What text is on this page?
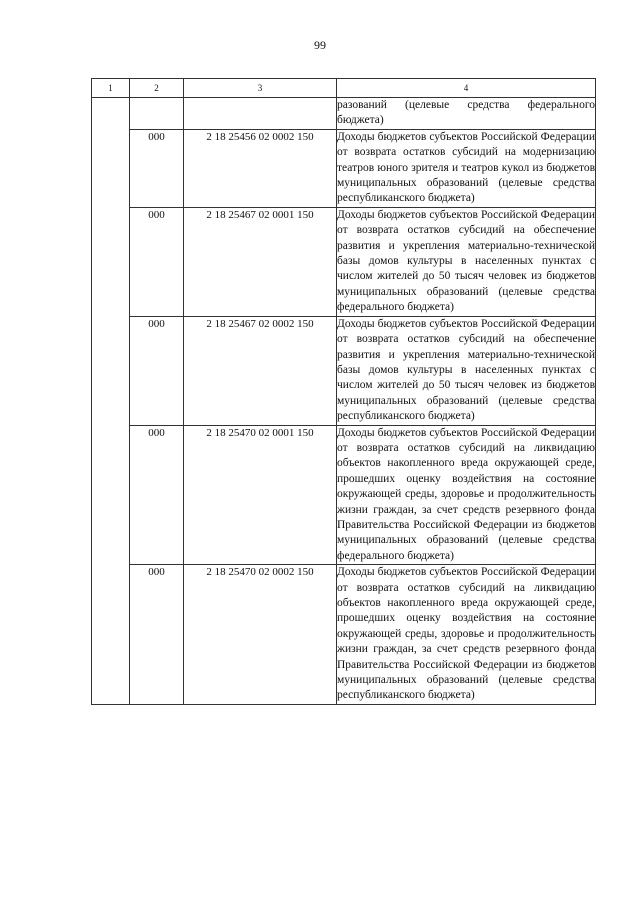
99
1	2	3	4
			разований (целевые средства федерального бюджета)
	000	2 18 25456 02 0002 150	Доходы бюджетов субъектов Российской Федерации от возврата остатков субсидий на модернизацию театров юного зрителя и театров кукол из бюджетов муниципальных образований (целевые средства республиканского бюджета)
	000	2 18 25467 02 0001 150	Доходы бюджетов субъектов Российской Федерации от возврата остатков субсидий на обеспечение развития и укрепления материально-технической базы домов культуры в населенных пунктах с числом жителей до 50 тысяч человек из бюджетов муниципальных образований (целевые средства федерального бюджета)
	000	2 18 25467 02 0002 150	Доходы бюджетов субъектов Российской Федерации от возврата остатков субсидий на обеспечение развития и укрепления материально-технической базы домов культуры в населенных пунктах с числом жителей до 50 тысяч человек из бюджетов муниципальных образований (целевые средства республиканского бюджета)
	000	2 18 25470 02 0001 150	Доходы бюджетов субъектов Российской Федерации от возврата остатков субсидий на ликвидацию объектов накопленного вреда окружающей среде, прошедших оценку воздействия на состояние окружающей среды, здоровье и продолжительность жизни граждан, за счет средств резервного фонда Правительства Российской Федерации из бюджетов муниципальных образований (целевые средства федерального бюджета)
	000	2 18 25470 02 0002 150	Доходы бюджетов субъектов Российской Федерации от возврата остатков субсидий на ликвидацию объектов накопленного вреда окружающей среде, прошедших оценку воздействия на состояние окружающей среды, здоровье и продолжительность жизни граждан, за счет средств резервного фонда Правительства Российской Федерации из бюджетов муниципальных образований (целевые средства республиканского бюджета)
